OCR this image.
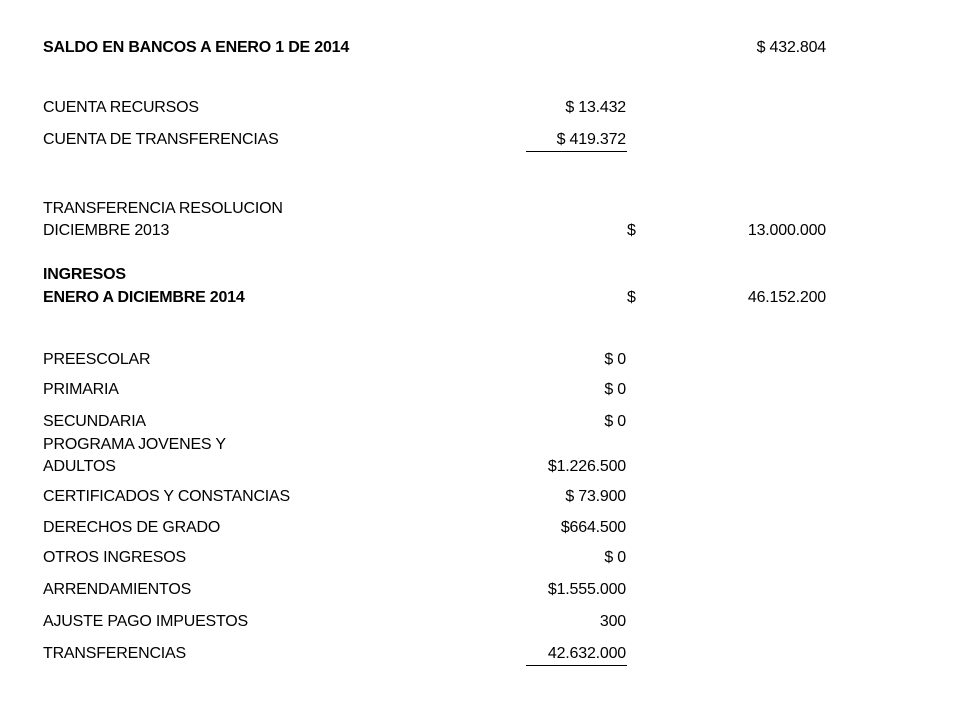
SALDO EN BANCOS A ENERO 1 DE 2014	$ 432.804
CUENTA RECURSOS	$ 13.432
CUENTA DE TRANSFERENCIAS	$ 419.372
TRANSFERENCIA RESOLUCION
DICIEMBRE 2013	$	13.000.000
INGRESOS
ENERO A DICIEMBRE 2014	$	46.152.200
PREESCOLAR	$ 0
PRIMARIA	$ 0
SECUNDARIA	$ 0
PROGRAMA JOVENES Y
ADULTOS	$1.226.500
CERTIFICADOS Y CONSTANCIAS	$ 73.900
DERECHOS DE GRADO	$664.500
OTROS INGRESOS	$ 0
ARRENDAMIENTOS	$1.555.000
AJUSTE PAGO IMPUESTOS	300
TRANSFERENCIAS	42.632.000
